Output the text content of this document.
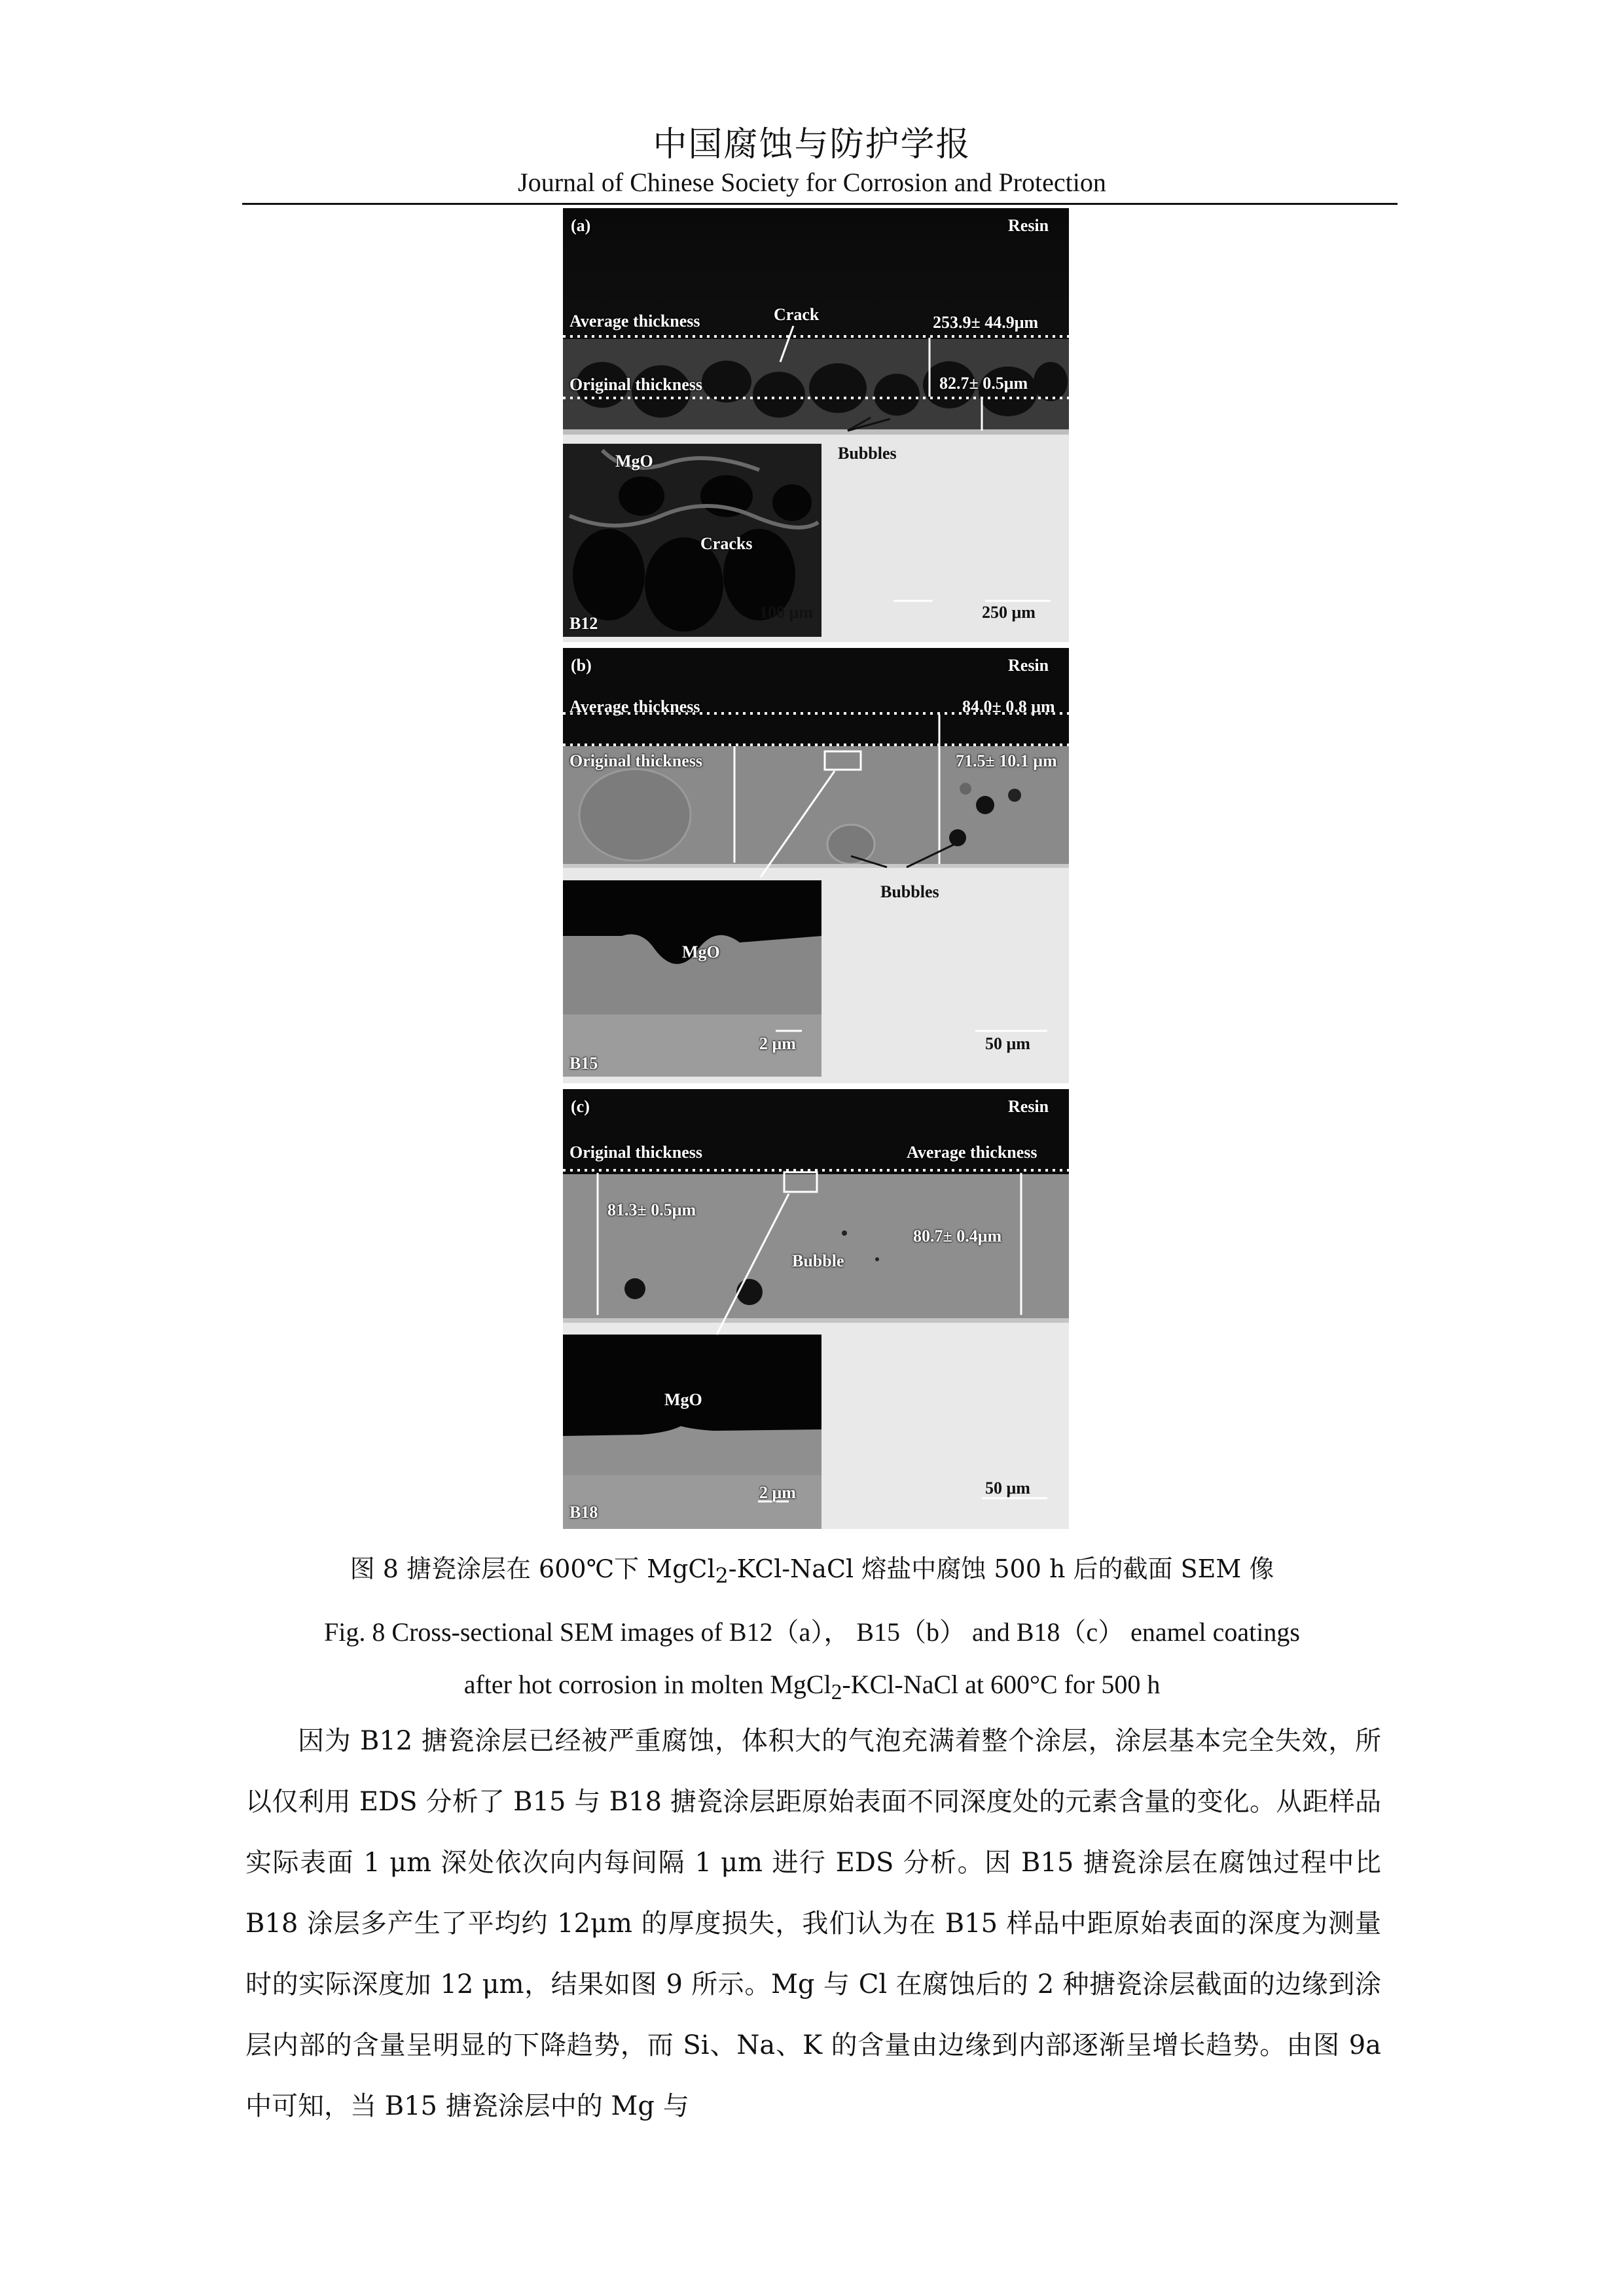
中国腐蚀与防护学报
Journal of Chinese Society for Corrosion and Protection
(a)	Resin
Average thickness	Crack	253.9± 44.9μm
Original thickness	82.7± 0.5μm
MgO
Cracks
Bubbles
100 μm	250 μm
B12
(b)	Resin
Average thickness	84.0± 0.8 μm
Original thickness	71.5± 10.1 μm
Bubbles
MgO
2 μm	50 μm
B15
(c)	Resin
Original thickness	Average thickness
81.3± 0.5μm
80.7± 0.4μm
Bubble
MgO
2 μm	50 μm
B18
图 8 搪瓷涂层在 600℃下 MgCl$_2$-KCl-NaCl 熔盐中腐蚀 500 h 后的截面 SEM 像
Fig. 8 Cross-sectional SEM images of B12（a）， B15（b） and B18（c） enamel coatings
after hot corrosion in molten MgCl$_2$-KCl-NaCl at 600°C for 500 h

因为 B12 搪瓷涂层已经被严重腐蚀，体积大的气泡充满着整个涂层，涂层基本完全失效，所以仅利用 EDS 分析了 B15 与 B18 搪瓷涂层距原始表面不同深度处的元素含量的变化。从距样品实际表面 1 μm 深处依次向内每间隔 1 μm 进行 EDS 分析。因 B15 搪瓷涂层在腐蚀过程中比 B18 涂层多产生了平均约 12μm 的厚度损失，我们认为在 B15 样品中距原始表面的深度为测量时的实际深度加 12 μm，结果如图 9 所示。Mg 与 Cl 在腐蚀后的 2 种搪瓷涂层截面的边缘到涂层内部的含量呈明显的下降趋势，而 Si、Na、K 的含量由边缘到内部逐渐呈增长趋势。由图 9a 中可知，当 B15 搪瓷涂层中的 Mg 与
